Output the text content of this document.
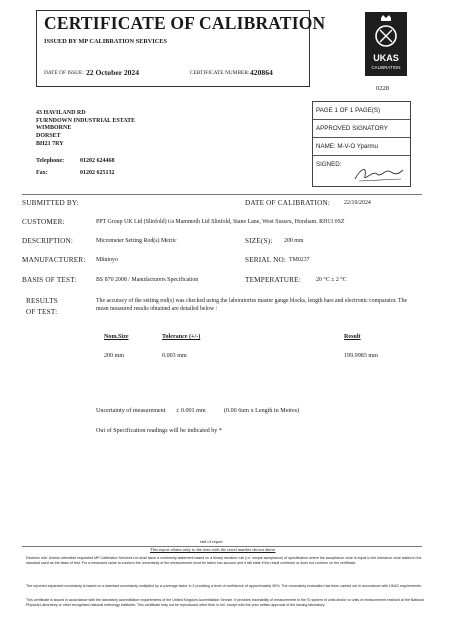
CERTIFICATE OF CALIBRATION
ISSUED BY MP CALIBRATION SERVICES
DATE OF ISSUE: 22 October 2024	CERTIFICATE NUMBER: 420864
UKAS
CALIBRATION
0228
43 HAVILAND RD
FURNDOWN INDUSTRIAL ESTATE
WIMBORNE
DORSET
BH21 7RY
Telephone:	01202 624468
Fax:	01202 625132
PAGE 1 OF 1 PAGE(S)
APPROVED SIGNATORY
NAME: M-V-O Yparmu
SIGNED:
SUBMITTED BY:	DATE OF CALIBRATION: 22/10/2024
CUSTOMER:	PPT Group UK Ltd (Slinfold) t/a Mammoth Ltd Slinfold, Stane Lane, West Sussex, Horsham. RH13 0SZ
DESCRIPTION:	Micrometer Setting Rod(s) Metric	SIZE(S): 200 mm
MANUFACTURER: Mitutoyo	SERIAL NO: TM0237
BASIS OF TEST:	BS 870 2008 / Manufacturers Specification	TEMPERATURE:	20 °C ± 2 °C
RESULTS
OF TEST:
The accuracy of the setting rod(s) was checked using the laboratories master gauge blocks, length bars and electronic comparator. The mean measured results obtained are detailed below :
Nom.Size	Tolerance (+/-)	Result
200 mm	0.003 mm	199.9983 mm
Uncertainty of measurement ± 0.001 mm	(0.00 6um x Length in Metres)
Out of Specification readings will be indicated by *
end of report
This report relates only to the item with the serial number shown above
Decision rule: Unless otherwise requested MP Calibration Services Ltd shall issue a conformity statement based on a binary decision rule (i.e. simple acceptance) of specification where the acceptance zone is equal to the tolerance zone stated in the standard used as the basis of test. For a measured value to conform the uncertainty of the measurement must be taken into account and it will state if the result conforms or does not conform on the certificate.
The reported expanded uncertainty is based on a standard uncertainty multiplied by a coverage factor k=2 providing a level of confidence of approximately 95%. The uncertainty evaluation has been carried out in accordance with UKAS requirements.
This certificate is issued in accordance with the laboratory accreditation requirements of the United Kingdom Accreditation Service. It provides traceability of measurement to the SI system of units and/or to units of measurement realised at the National Physical Laboratory or other recognised national metrology institutes. This certificate may not be reproduced other than in full, except with the prior written approval of the issuing laboratory.
